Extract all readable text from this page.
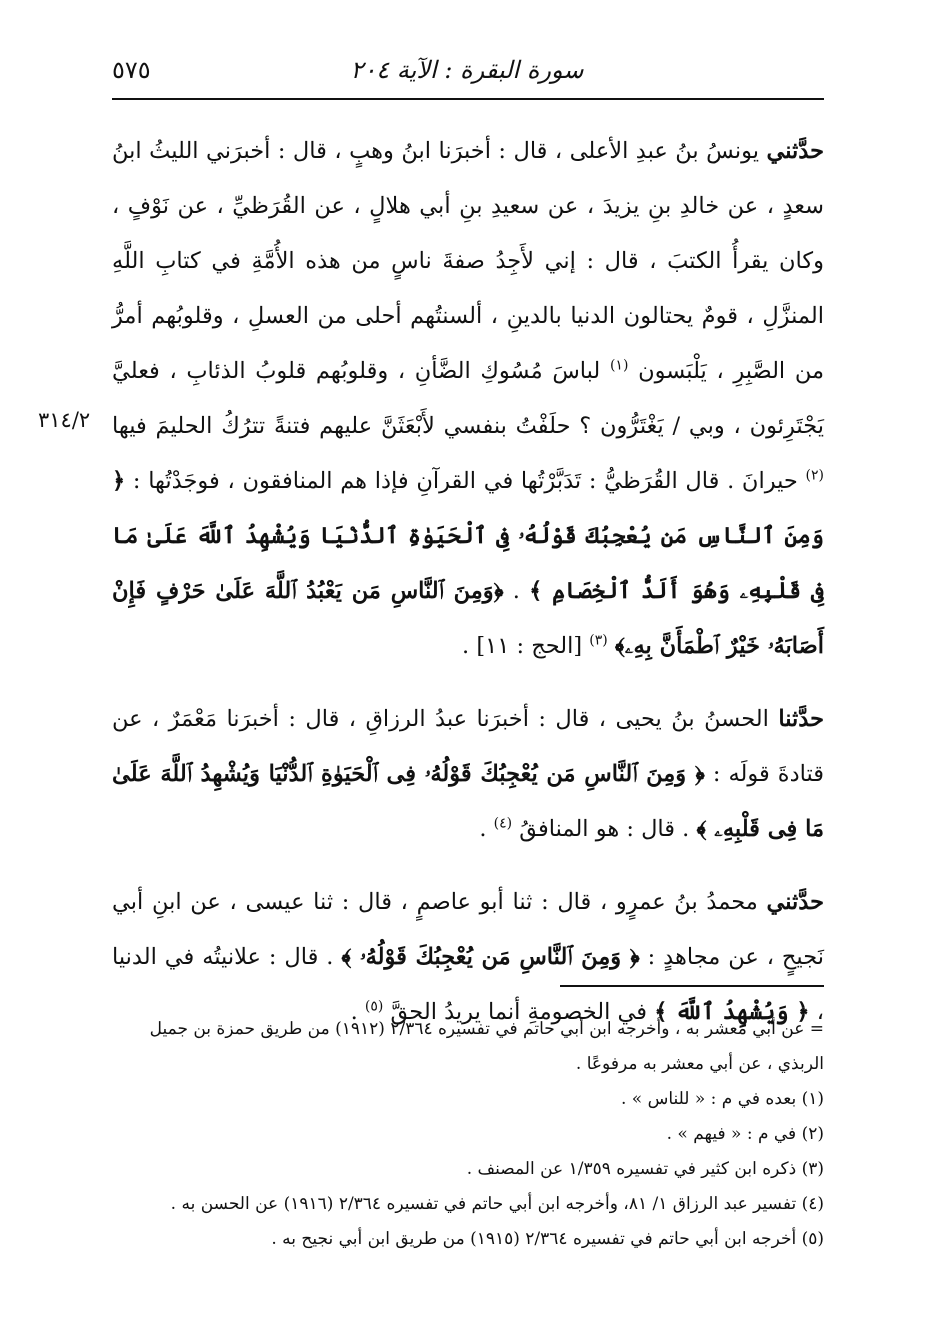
سورة البقرة : الآية ٢٠٤
٥٧٥
٣١٤/٢

حدَّثني يونسُ بنُ عبدِ الأعلى ، قال : أخبرَنا ابنُ وهبٍ ، قال : أخبرَني الليثُ ابنُ سعدٍ ، عن خالدِ بنِ يزيدَ ، عن سعيدِ بنِ أبي هلالٍ ، عن القُرَظيِّ ، عن نَوْفٍ ، وكان يقرأُ الكتبَ ، قال : إني لأَجِدُ صفةَ ناسٍ من هذه الأُمَّةِ في كتابِ اللَّهِ المنزَّلِ ، قومٌ يحتالون الدنيا بالدينِ ، ألسنتُهم أحلى من العسلِ ، وقلوبُهم أمرُّ من الصَّبِرِ ، يَلْبَسون $^{(١)}$ لباسَ مُسُوكِ الضَّأنِ ، وقلوبُهم قلوبُ الذئابِ ، فعليَّ يَجْتَرِئون ، وبي / يَغْتَرُّون ؟ حلَفْتُ بنفسي لأَبْعَثَنَّ عليهم فتنةً تترُكُ الحليمَ فيها $^{(٢)}$ حيرانَ . قال القُرَظيُّ : تَدَبَّرْتُها في القرآنِ فإذا هم المنافقون ، فوجَدْتُها : ﴿ وَمِنَ ٱلنَّاسِ مَن يُعْجِبُكَ قَوْلُهُۥ فِى ٱلْحَيَوٰةِ ٱلدُّنْيَا وَيُشْهِدُ ٱللَّهَ عَلَىٰ مَا فِى قَلْبِهِۦ وَهُوَ أَلَدُّ ٱلْخِصَامِ ﴾ . ﴿وَمِنَ ٱلنَّاسِ مَن يَعْبُدُ ٱللَّهَ عَلَىٰ حَرْفٍ فَإِنْ أَصَابَهُۥ خَيْرٌ ٱطْمَأَنَّ بِهِۦ﴾ $^{(٣)}$ [الحج : ١١] .

حدَّثنا الحسنُ بنُ يحيى ، قال : أخبرَنا عبدُ الرزاقِ ، قال : أخبرَنا مَعْمَرٌ ، عن قتادةَ قولَه : ﴿ وَمِنَ ٱلنَّاسِ مَن يُعْجِبُكَ قَوْلُهُۥ فِى ٱلْحَيَوٰةِ ٱلدُّنْيَا وَيُشْهِدُ ٱللَّهَ عَلَىٰ مَا فِى قَلْبِهِۦ ﴾ . قال : هو المنافقُ $^{(٤)}$ .

حدَّثني محمدُ بنُ عمرٍو ، قال : ثنا أبو عاصمٍ ، قال : ثنا عيسى ، عن ابنِ أبي نَجيحٍ ، عن مجاهدٍ : ﴿ وَمِنَ ٱلنَّاسِ مَن يُعْجِبُكَ قَوْلُهُۥ ﴾ . قال : علانيتُه في الدنيا ، ﴿ وَيُشْهِدُ ٱللَّهَ ﴾ في الخصومةِ أنما يريدُ الحقَّ $^{(٥)}$ .

= عن أبي معشر به ، وأخرجه ابن أبي حاتم في تفسيره ٢/٣٦٤ (١٩١٢) من طريق حمزة بن جميل الربذي ، عن أبي معشر به مرفوعًا .

(١) بعده في م : « للناس » .

(٢) في م : « فيهم » .

(٣) ذكره ابن كثير في تفسيره ١/٣٥٩ عن المصنف .

(٤) تفسير عبد الرزاق ١/ ٨١، وأخرجه ابن أبي حاتم في تفسيره ٢/٣٦٤ (١٩١٦) عن الحسن به .

(٥) أخرجه ابن أبي حاتم في تفسيره ٢/٣٦٤ (١٩١٥) من طريق ابن أبي نجيح به .
